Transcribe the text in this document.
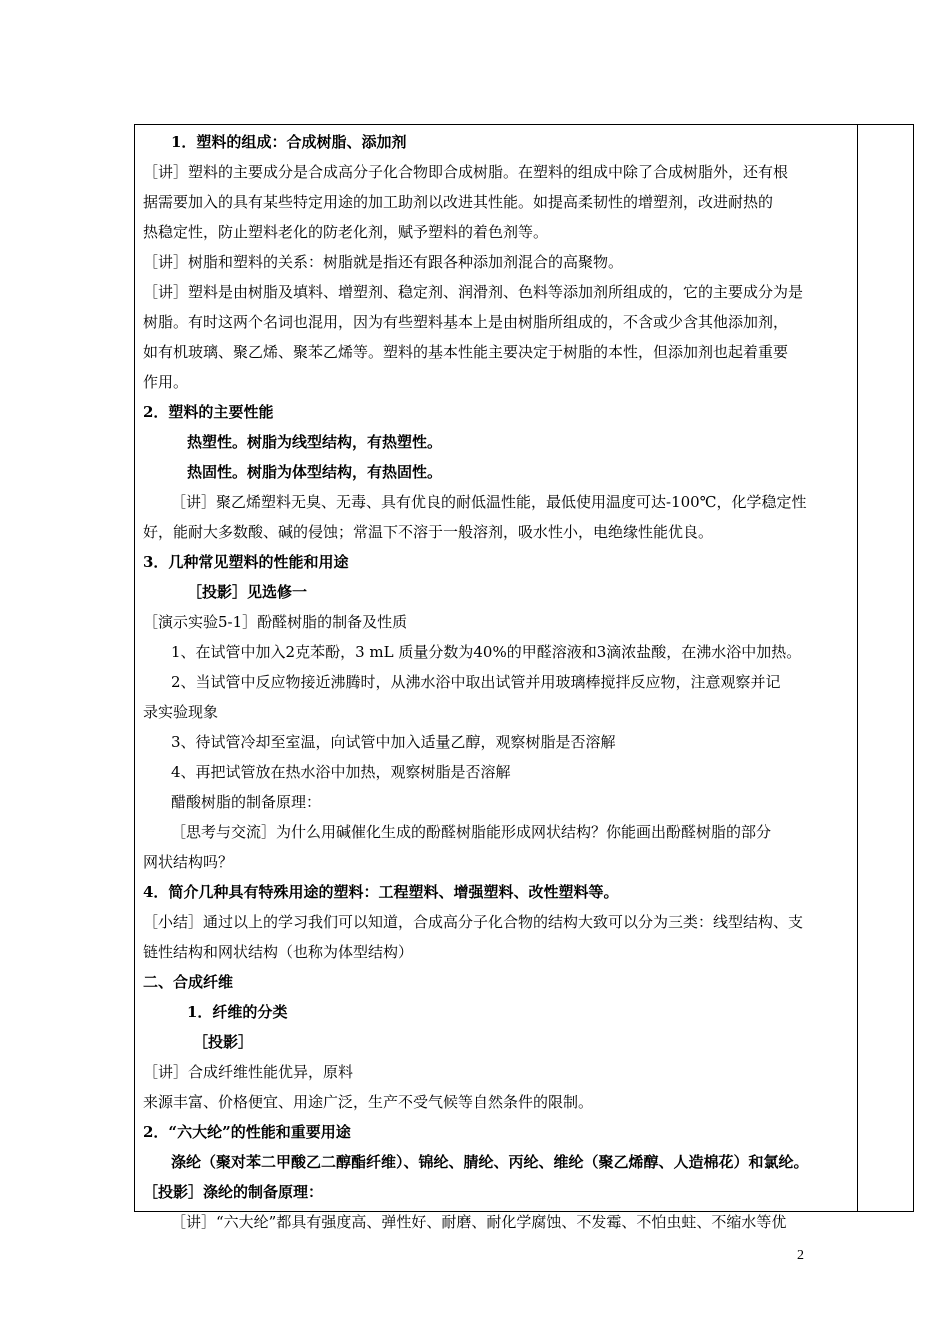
1．塑料的组成：合成树脂、添加剂
［讲］塑料的主要成分是合成高分子化合物即合成树脂。在塑料的组成中除了合成树脂外，还有根
据需要加入的具有某些特定用途的加工助剂以改进其性能。如提高柔韧性的增塑剂，改进耐热的
热稳定性，防止塑料老化的防老化剂，赋予塑料的着色剂等。
［讲］树脂和塑料的关系：树脂就是指还有跟各种添加剂混合的高聚物。
［讲］塑料是由树脂及填料、增塑剂、稳定剂、润滑剂、色料等添加剂所组成的，它的主要成分为是
树脂。有时这两个名词也混用，因为有些塑料基本上是由树脂所组成的，不含或少含其他添加剂，
如有机玻璃、聚乙烯、聚苯乙烯等。塑料的基本性能主要决定于树脂的本性，但添加剂也起着重要
作用。
2．塑料的主要性能
热塑性。树脂为线型结构，有热塑性。
热固性。树脂为体型结构，有热固性。
［讲］聚乙烯塑料无臭、无毒、具有优良的耐低温性能，最低使用温度可达-100℃，化学稳定性
好，能耐大多数酸、碱的侵蚀；常温下不溶于一般溶剂，吸水性小，电绝缘性能优良。
3．几种常见塑料的性能和用途
［投影］见选修一
［演示实验5-1］酚醛树脂的制备及性质
1、在试管中加入2克苯酚，3 mL 质量分数为40%的甲醛溶液和3滴浓盐酸，在沸水浴中加热。
2、当试管中反应物接近沸腾时，从沸水浴中取出试管并用玻璃棒搅拌反应物，注意观察并记
录实验现象
3、待试管冷却至室温，向试管中加入适量乙醇，观察树脂是否溶解
4、再把试管放在热水浴中加热，观察树脂是否溶解
醋酸树脂的制备原理：
［思考与交流］为什么用碱催化生成的酚醛树脂能形成网状结构？你能画出酚醛树脂的部分
网状结构吗？
4．简介几种具有特殊用途的塑料：工程塑料、增强塑料、改性塑料等。
［小结］通过以上的学习我们可以知道，合成高分子化合物的结构大致可以分为三类：线型结构、支
链性结构和网状结构（也称为体型结构）
二、合成纤维
1．纤维的分类
［投影］
［讲］合成纤维性能优异，原料
来源丰富、价格便宜、用途广泛，生产不受气候等自然条件的限制。
2．“六大纶”的性能和重要用途
涤纶（聚对苯二甲酸乙二醇酯纤维）、锦纶、腈纶、丙纶、维纶（聚乙烯醇、人造棉花）和氯纶。
［投影］涤纶的制备原理：
［讲］“六大纶”都具有强度高、弹性好、耐磨、耐化学腐蚀、不发霉、不怕虫蛀、不缩水等优
2
